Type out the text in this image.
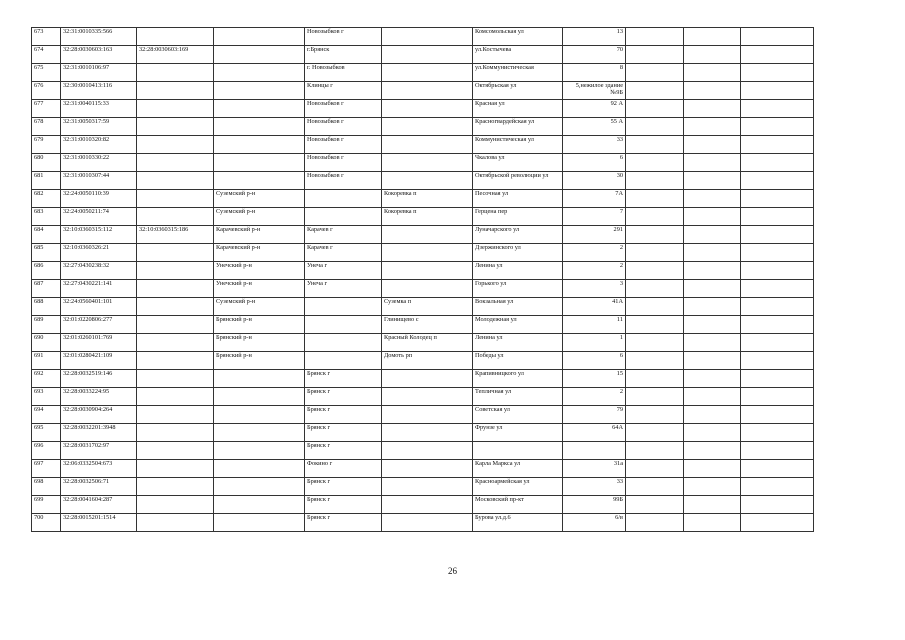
673	32:31:0010335:566			Новозыбков г		Комсомольская ул	13			
674	32:28:0030603:163	32:28:0030603:169		г.Брянск		ул.Костычева	70			
675	32:31:0010106:97			г. Новозыбков		ул.Коммунистическая	8			
676	32:30:0010413:116			Клинцы г		Октябрьская ул	5,нежилое здание №9Б			
677	32:31:0040115:33			Новозыбков г		Красная ул	92 А			
678	32:31:0050317:59			Новозыбков г		Красногвардейская ул	55 А			
679	32:31:0010320:82			Новозыбков г		Коммунистическая ул	33			
680	32:31:0010330:22			Новозыбков г		Чкалова ул	6			
681	32:31:0010307:44			Новозыбков г		Октябрьской революции ул	30			
682	32:24:0050110:39		Суземский р-н		Кокоревка п	Песочная ул	7А			
683	32:24:0050211:74		Суземский р-н		Кокоревка п	Герцена пер	7			
684	32:10:0360315:112	32:10:0360315:186	Карачевский р-н	Карачев г		Луначарского ул	291			
685	32:10:0360326:21		Карачевский р-н	Карачев г		Дзержинского ул	2			
686	32:27:0430238:32		Унечский р-н	Унеча г		Ленина ул	2			
687	32:27:0430221:141		Унечский р-н	Унеча г		Горького ул	3			
688	32:24:0560401:101		Суземский р-н		Суземка п	Вокзальная ул	41А			
689	32:01:0220806:277		Брянский р-н		Глинищево с	Молодежная ул	11			
690	32:01:0260101:769		Брянский р-н		Красный Колодец п	Ленина ул	1			
691	32:01:0280421:109		Брянский р-н		Домоть рп	Победы ул	6			
692	32:28:0032519:146			Брянск г		Крапивницкого ул	15			
693	32:28:0033224:95			Брянск г		Тепличная ул	2			
694	32:28:0030904:264			Брянск г		Советская ул	79			
695	32:28:0032201:3948			Брянск г		Фрунзе ул	64А			
696	32:28:0031702:97			Брянск г						
697	32:06:0332504:673			Фокино г		Карла Маркса ул	31а			
698	32:28:0032506:71			Брянск г		Красноармейская ул	33			
699	32:28:0041604:287			Брянск г		Московский пр-кт	99Б			
700	32:28:0015201:1514			Брянск г		Бурова ул.д.6	6/в			
26
